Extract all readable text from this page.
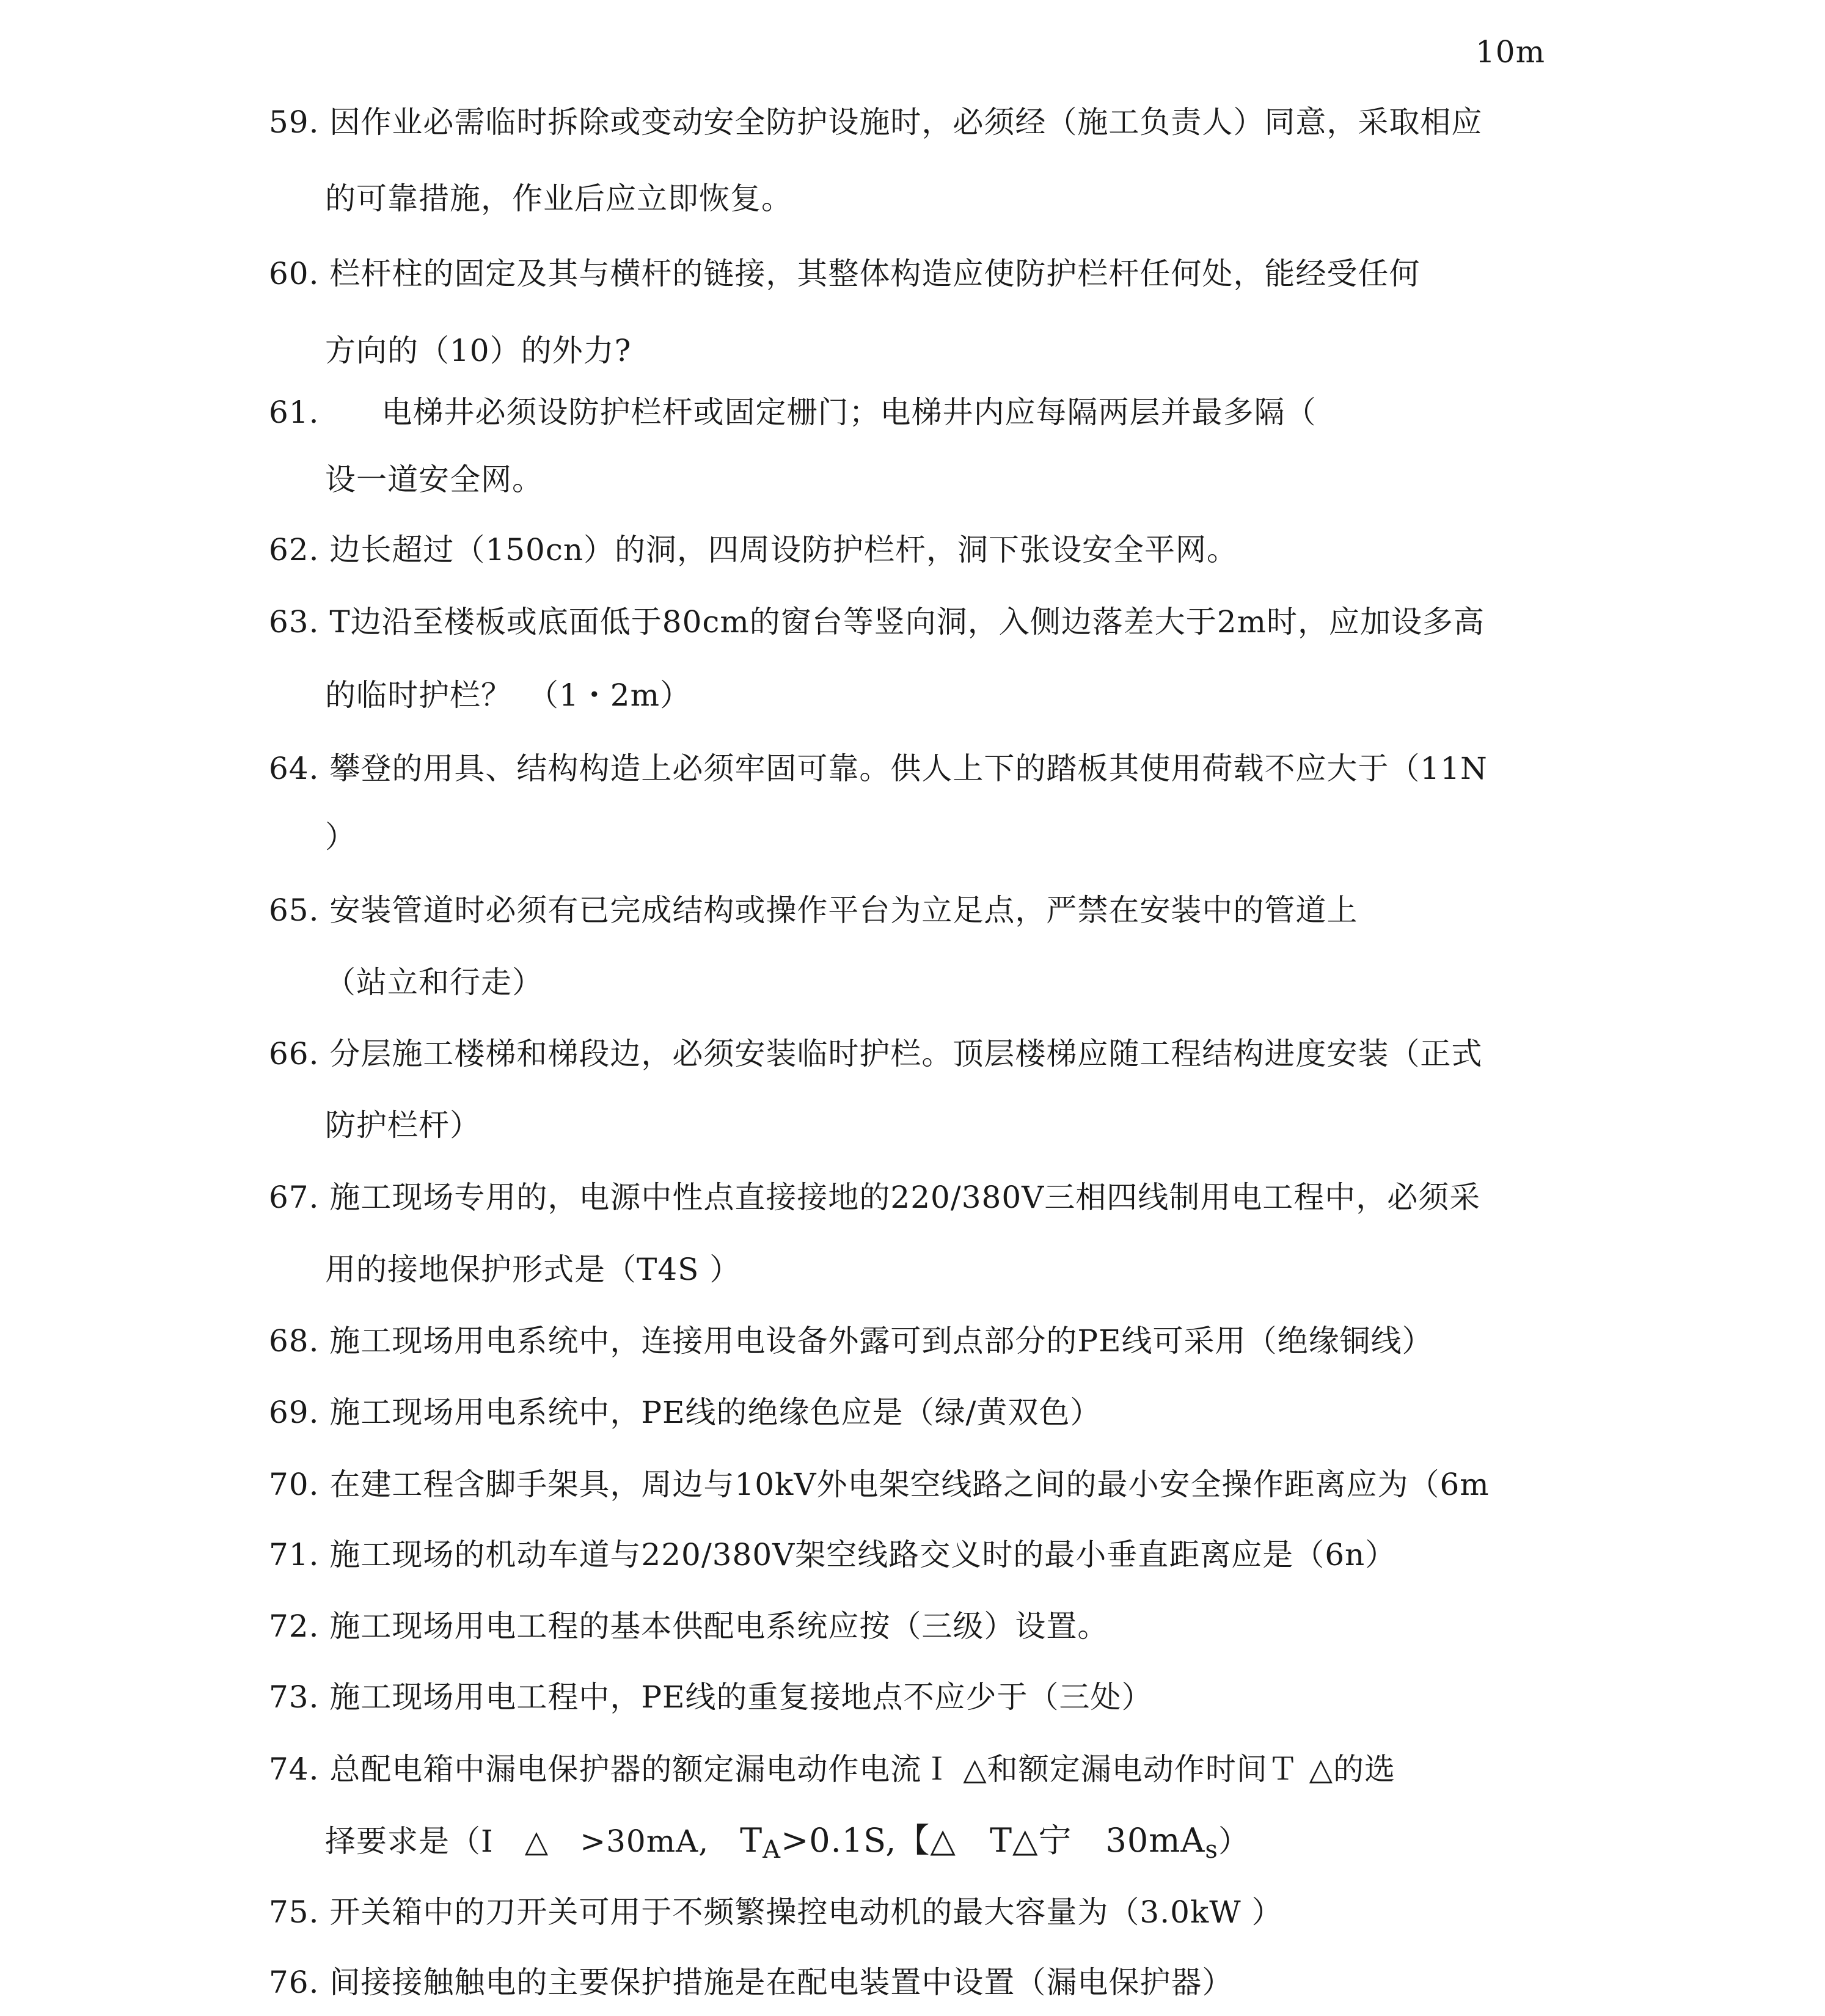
10m
59. 因作业必需临时拆除或变动安全防护设施时，必须经（施工负责人）同意，采取相应
的可靠措施，作业后应立即恢复。
60. 栏杆柱的固定及其与横杆的链接，其整体构造应使防护栏杆任何处，能经受任何
方向的（10）的外力?
61.　　电梯井必须设防护栏杆或固定栅门；电梯井内应每隔两层并最多隔（
设一道安全网。
62. 边长超过（150cn）的洞，四周设防护栏杆，洞下张设安全平网。
63. T边沿至楼板或底面低于80cm的窗台等竖向洞，入侧边落差大于2m时，应加设多高
的临时护栏？　（1・2m）
64. 攀登的用具、结构构造上必须牢固可靠。供人上下的踏板其使用荷载不应大于（11N
）
65. 安装管道时必须有已完成结构或操作平台为立足点，严禁在安装中的管道上
（站立和行走）
66. 分层施工楼梯和梯段边，必须安装临时护栏。顶层楼梯应随工程结构进度安装（正式
防护栏杆）
67. 施工现场专用的，电源中性点直接接地的220/380V三相四线制用电工程中，必须采
用的接地保护形式是（T4S ）
68. 施工现场用电系统中，连接用电设备外露可到点部分的PE线可采用（绝缘铜线）
69. 施工现场用电系统中，PE线的绝缘色应是（绿/黄双色）
70. 在建工程含脚手架具，周边与10kV外电架空线路之间的最小安全操作距离应为（6m
71. 施工现场的机动车道与220/380V架空线路交义时的最小垂直距离应是（6n）
72. 施工现场用电工程的基本供配电系统应按（三级）设置。
73. 施工现场用电工程中，PE线的重复接地点不应少于（三处）
74. 总配电箱中漏电保护器的额定漏电动作电流Ｉ △和额定漏电动作时间Ｔ △的选
择要求是（I　△　>30mA,　$T_A>0.1S$,【△　T△宁　$30mA_s$）
75. 开关箱中的刀开关可用于不频繁操控电动机的最大容量为（3.0kW ）
76. 间接接触触电的主要保护措施是在配电装置中设置（漏电保护器）
